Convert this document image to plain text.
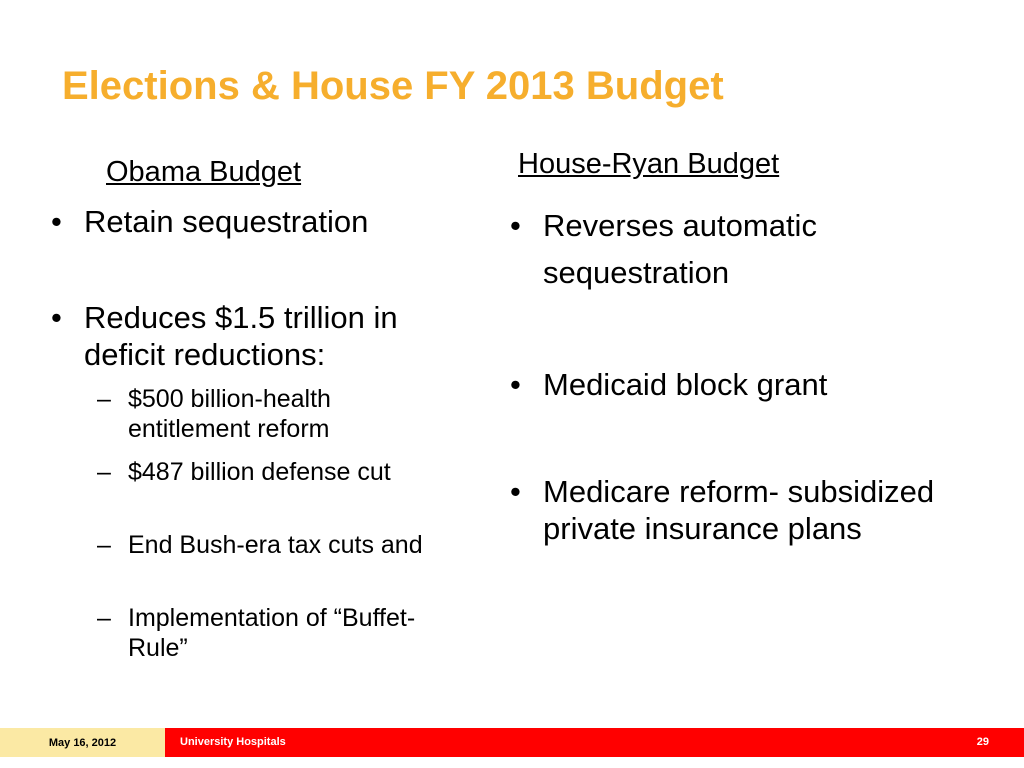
Elections & House FY 2013 Budget
Obama Budget
• Retain sequestration
• Reduces $1.5 trillion in deficit reductions:
– $500 billion-health entitlement reform
– $487 billion defense cut
– End Bush-era tax cuts and
– Implementation of “Buffet-Rule”
House-Ryan Budget
• Reverses automatic sequestration
• Medicaid block grant
• Medicare reform- subsidized private insurance plans
May 16, 2012	University Hospitals	29
